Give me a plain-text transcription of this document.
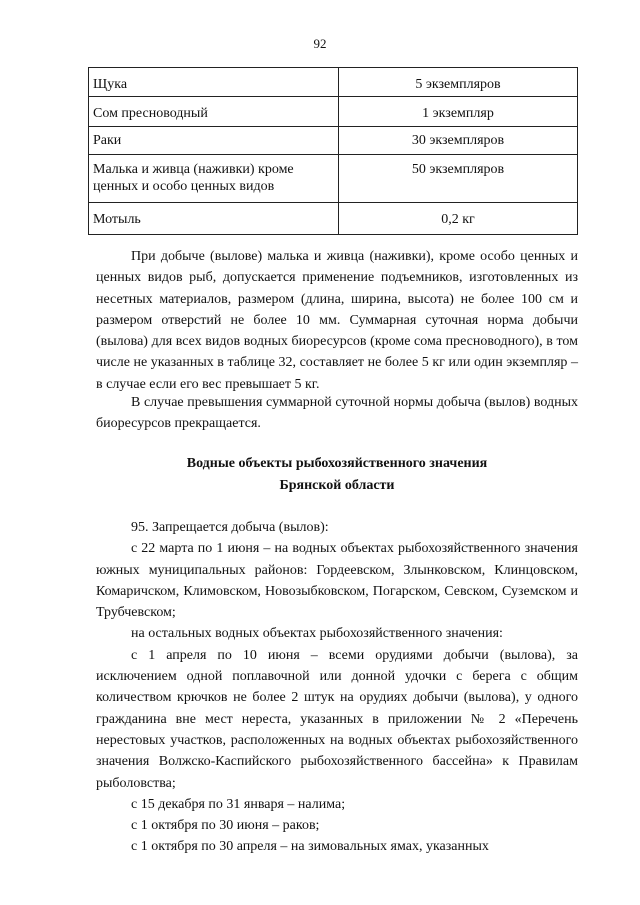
92
Щука	5 экземпляров
Сом пресноводный	1 экземпляр
Раки	30 экземпляров
Малька и живца (наживки) кроме ценных и особо ценных видов	50 экземпляров
Мотыль	0,2 кг

При добыче (вылове) малька и живца (наживки), кроме особо ценных и ценных видов рыб, допускается применение подъемников, изготовленных из несетных материалов, размером (длина, ширина, высота) не более 100 см и размером отверстий не более 10 мм. Суммарная суточная норма добычи (вылова) для всех видов водных биоресурсов (кроме сома пресноводного), в том числе не указанных в таблице 32, составляет не более 5 кг или один экземпляр – в случае если его вес превышает 5 кг.

В случае превышения суммарной суточной нормы добыча (вылов) водных биоресурсов прекращается.

Водные объекты рыбохозяйственного значения

Брянской области

95. Запрещается добыча (вылов):

с 22 марта по 1 июня – на водных объектах рыбохозяйственного значения южных муниципальных районов: Гордеевском, Злынковском, Клинцовском, Комаричском, Климовском, Новозыбковском, Погарском, Севском, Суземском и Трубчевском;

на остальных водных объектах рыбохозяйственного значения:

с 1 апреля по 10 июня – всеми орудиями добычи (вылова), за исключением одной поплавочной или донной удочки с берега с общим количеством крючков не более 2 штук на орудиях добычи (вылова), у одного гражданина вне мест нереста, указанных в приложении № 2 «Перечень нерестовых участков, расположенных на водных объектах рыбохозяйственного значения Волжско-Каспийского рыбохозяйственного бассейна» к Правилам рыболовства;

с 15 декабря по 31 января – налима;

с 1 октября по 30 июня – раков;

с 1 октября по 30 апреля – на зимовальных ямах, указанных
